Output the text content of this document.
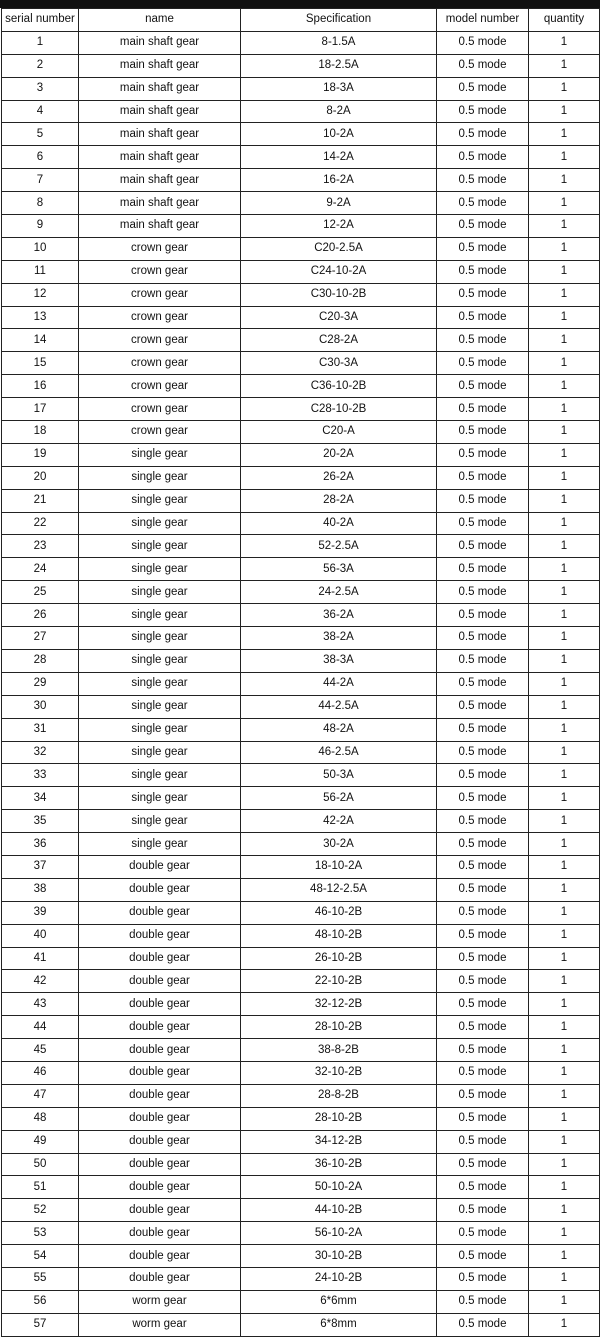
serial number	name	Specification	model number	quantity
1	main shaft gear	8-1.5A	0.5 mode	1
2	main shaft gear	18-2.5A	0.5 mode	1
3	main shaft gear	18-3A	0.5 mode	1
4	main shaft gear	8-2A	0.5 mode	1
5	main shaft gear	10-2A	0.5 mode	1
6	main shaft gear	14-2A	0.5 mode	1
7	main shaft gear	16-2A	0.5 mode	1
8	main shaft gear	9-2A	0.5 mode	1
9	main shaft gear	12-2A	0.5 mode	1
10	crown gear	C20-2.5A	0.5 mode	1
11	crown gear	C24-10-2A	0.5 mode	1
12	crown gear	C30-10-2B	0.5 mode	1
13	crown gear	C20-3A	0.5 mode	1
14	crown gear	C28-2A	0.5 mode	1
15	crown gear	C30-3A	0.5 mode	1
16	crown gear	C36-10-2B	0.5 mode	1
17	crown gear	C28-10-2B	0.5 mode	1
18	crown gear	C20-A	0.5 mode	1
19	single gear	20-2A	0.5 mode	1
20	single gear	26-2A	0.5 mode	1
21	single gear	28-2A	0.5 mode	1
22	single gear	40-2A	0.5 mode	1
23	single gear	52-2.5A	0.5 mode	1
24	single gear	56-3A	0.5 mode	1
25	single gear	24-2.5A	0.5 mode	1
26	single gear	36-2A	0.5 mode	1
27	single gear	38-2A	0.5 mode	1
28	single gear	38-3A	0.5 mode	1
29	single gear	44-2A	0.5 mode	1
30	single gear	44-2.5A	0.5 mode	1
31	single gear	48-2A	0.5 mode	1
32	single gear	46-2.5A	0.5 mode	1
33	single gear	50-3A	0.5 mode	1
34	single gear	56-2A	0.5 mode	1
35	single gear	42-2A	0.5 mode	1
36	single gear	30-2A	0.5 mode	1
37	double gear	18-10-2A	0.5 mode	1
38	double gear	48-12-2.5A	0.5 mode	1
39	double gear	46-10-2B	0.5 mode	1
40	double gear	48-10-2B	0.5 mode	1
41	double gear	26-10-2B	0.5 mode	1
42	double gear	22-10-2B	0.5 mode	1
43	double gear	32-12-2B	0.5 mode	1
44	double gear	28-10-2B	0.5 mode	1
45	double gear	38-8-2B	0.5 mode	1
46	double gear	32-10-2B	0.5 mode	1
47	double gear	28-8-2B	0.5 mode	1
48	double gear	28-10-2B	0.5 mode	1
49	double gear	34-12-2B	0.5 mode	1
50	double gear	36-10-2B	0.5 mode	1
51	double gear	50-10-2A	0.5 mode	1
52	double gear	44-10-2B	0.5 mode	1
53	double gear	56-10-2A	0.5 mode	1
54	double gear	30-10-2B	0.5 mode	1
55	double gear	24-10-2B	0.5 mode	1
56	worm gear	6*6mm	0.5 mode	1
57	worm gear	6*8mm	0.5 mode	1
